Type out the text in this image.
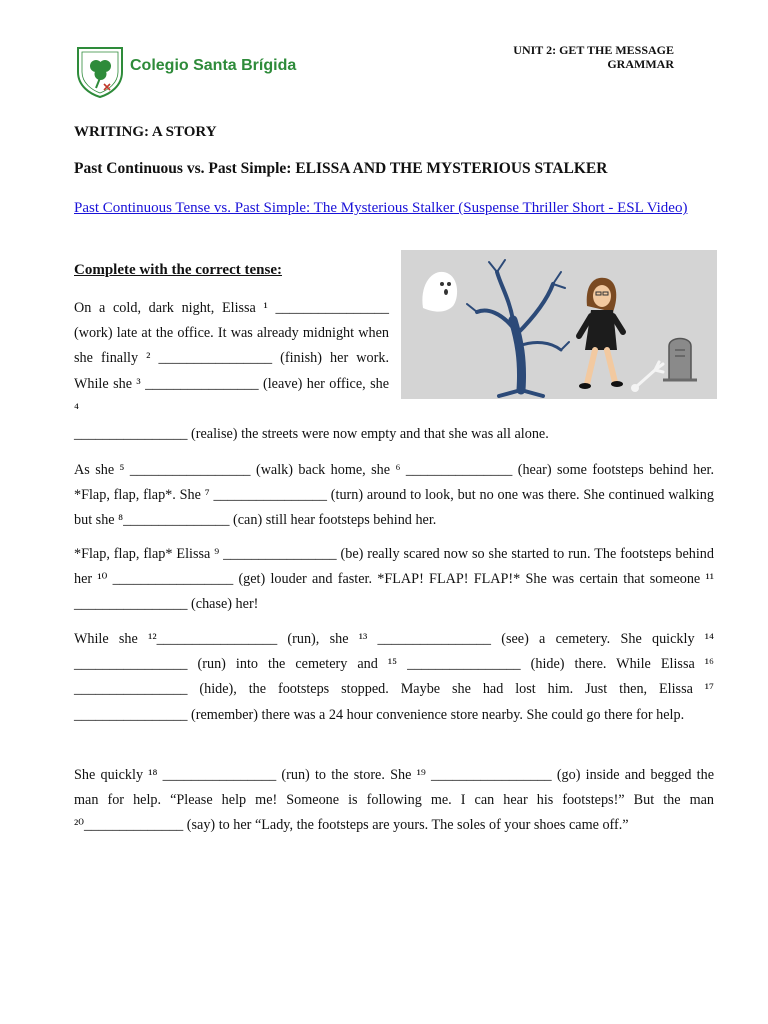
Colegio Santa Brígida
UNIT 2: GET THE MESSAGE
GRAMMAR
WRITING: A STORY
Past Continuous vs. Past Simple: ELISSA AND THE MYSTERIOUS STALKER
Past Continuous Tense vs. Past Simple: The Mysterious Stalker (Suspense Thriller Short - ESL Video)
Complete with the correct tense:
On a cold, dark night, Elissa ¹ ________________ (work) late at the office. It was already midnight when she finally ² ________________ (finish) her work. While she ³ ________________ (leave) her office, she ⁴
________________ (realise) the streets were now empty and that she was all alone.
As she ⁵ _________________ (walk) back home, she ⁶ _______________ (hear) some footsteps behind her. *Flap, flap, flap*. She ⁷ ________________ (turn) around to look, but no one was there. She continued walking but she ⁸_______________ (can) still hear footsteps behind her.
*Flap, flap, flap* Elissa ⁹ ________________ (be) really scared now so she started to run. The footsteps behind her ¹⁰ _________________ (get) louder and faster. *FLAP! FLAP! FLAP!* She was certain that someone ¹¹ ________________ (chase) her!
While she ¹²_________________ (run), she ¹³ ________________ (see) a cemetery. She quickly ¹⁴ ________________ (run) into the cemetery and ¹⁵ ________________ (hide) there. While Elissa ¹⁶ ________________ (hide), the footsteps stopped. Maybe she had lost him. Just then, Elissa ¹⁷ ________________ (remember) there was a 24 hour convenience store nearby. She could go there for help.
She quickly ¹⁸ ________________ (run) to the store. She ¹⁹ _________________ (go) inside and begged the man for help. “Please help me! Someone is following me. I can hear his footsteps!” But the man ²⁰______________ (say) to her “Lady, the footsteps are yours. The soles of your shoes came off.”
